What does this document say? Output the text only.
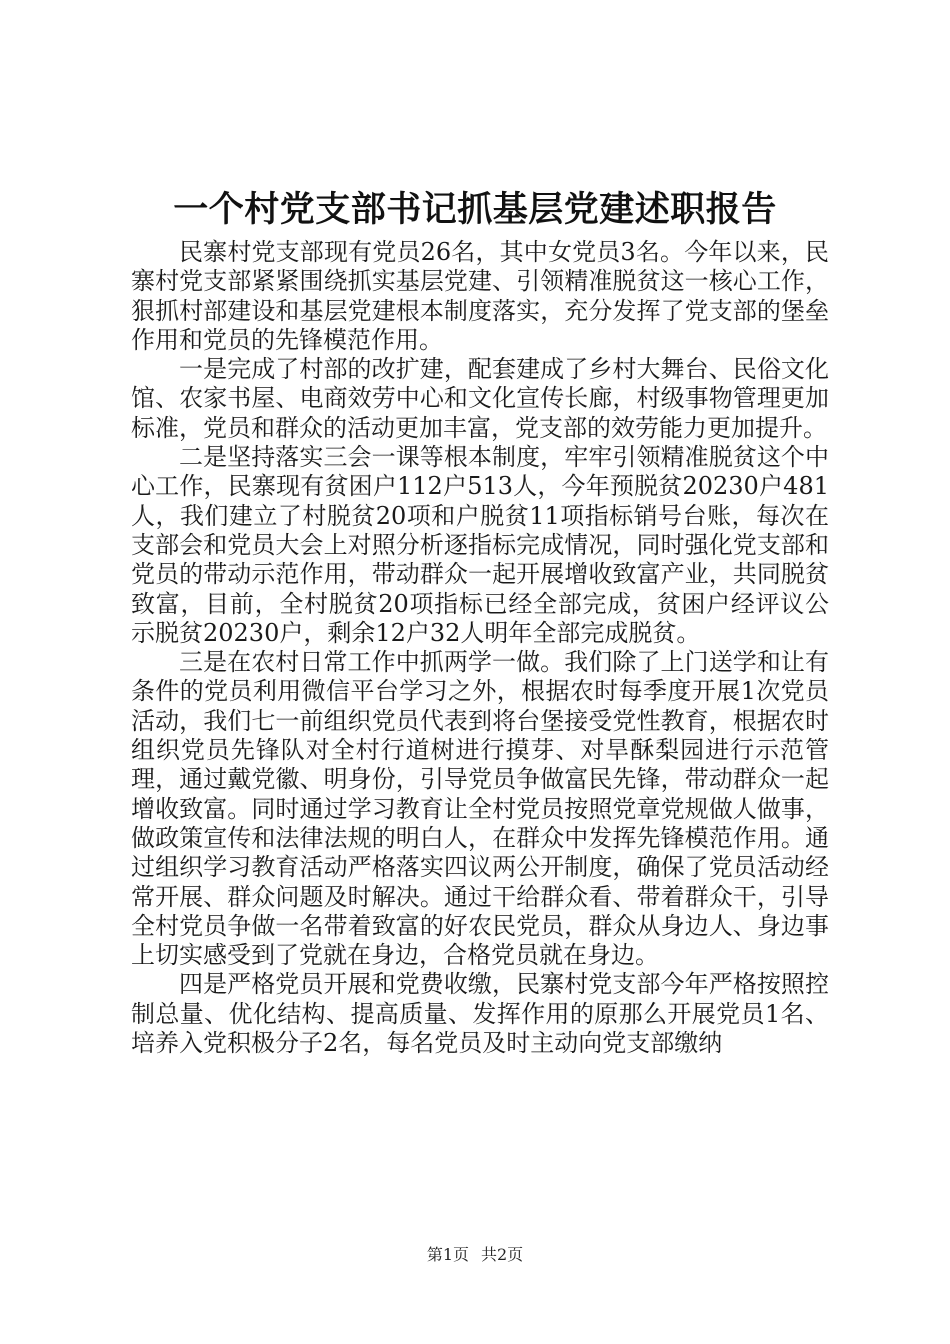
一个村党支部书记抓基层党建述职报告

民寨村党支部现有党员26名，其中女党员3名。今年以来，民寨村党支部紧紧围绕抓实基层党建、引领精准脱贫这一核心工作，狠抓村部建设和基层党建根本制度落实，充分发挥了党支部的堡垒作用和党员的先锋模范作用。

一是完成了村部的改扩建，配套建成了乡村大舞台、民俗文化馆、农家书屋、电商效劳中心和文化宣传长廊，村级事物管理更加标准，党员和群众的活动更加丰富，党支部的效劳能力更加提升。

二是坚持落实三会一课等根本制度，牢牢引领精准脱贫这个中心工作，民寨现有贫困户112户513人，今年预脱贫20230户481人，我们建立了村脱贫20项和户脱贫11项指标销号台账，每次在支部会和党员大会上对照分析逐指标完成情况，同时强化党支部和党员的带动示范作用，带动群众一起开展增收致富产业，共同脱贫致富，目前，全村脱贫20项指标已经全部完成，贫困户经评议公示脱贫20230户，剩余12户32人明年全部完成脱贫。

三是在农村日常工作中抓两学一做。我们除了上门送学和让有条件的党员利用微信平台学习之外，根据农时每季度开展1次党员活动，我们七一前组织党员代表到将台堡接受党性教育，根据农时组织党员先锋队对全村行道树进行摸芽、对旱酥梨园进行示范管理，通过戴党徽、明身份，引导党员争做富民先锋，带动群众一起增收致富。同时通过学习教育让全村党员按照党章党规做人做事，做政策宣传和法律法规的明白人，在群众中发挥先锋模范作用。通过组织学习教育活动严格落实四议两公开制度，确保了党员活动经常开展、群众问题及时解决。通过干给群众看、带着群众干，引导全村党员争做一名带着致富的好农民党员，群众从身边人、身边事上切实感受到了党就在身边，合格党员就在身边。

四是严格党员开展和党费收缴，民寨村党支部今年严格按照控制总量、优化结构、提高质量、发挥作用的原那么开展党员1名、培养入党积极分子2名，每名党员及时主动向党支部缴纳

第1页 共2页
